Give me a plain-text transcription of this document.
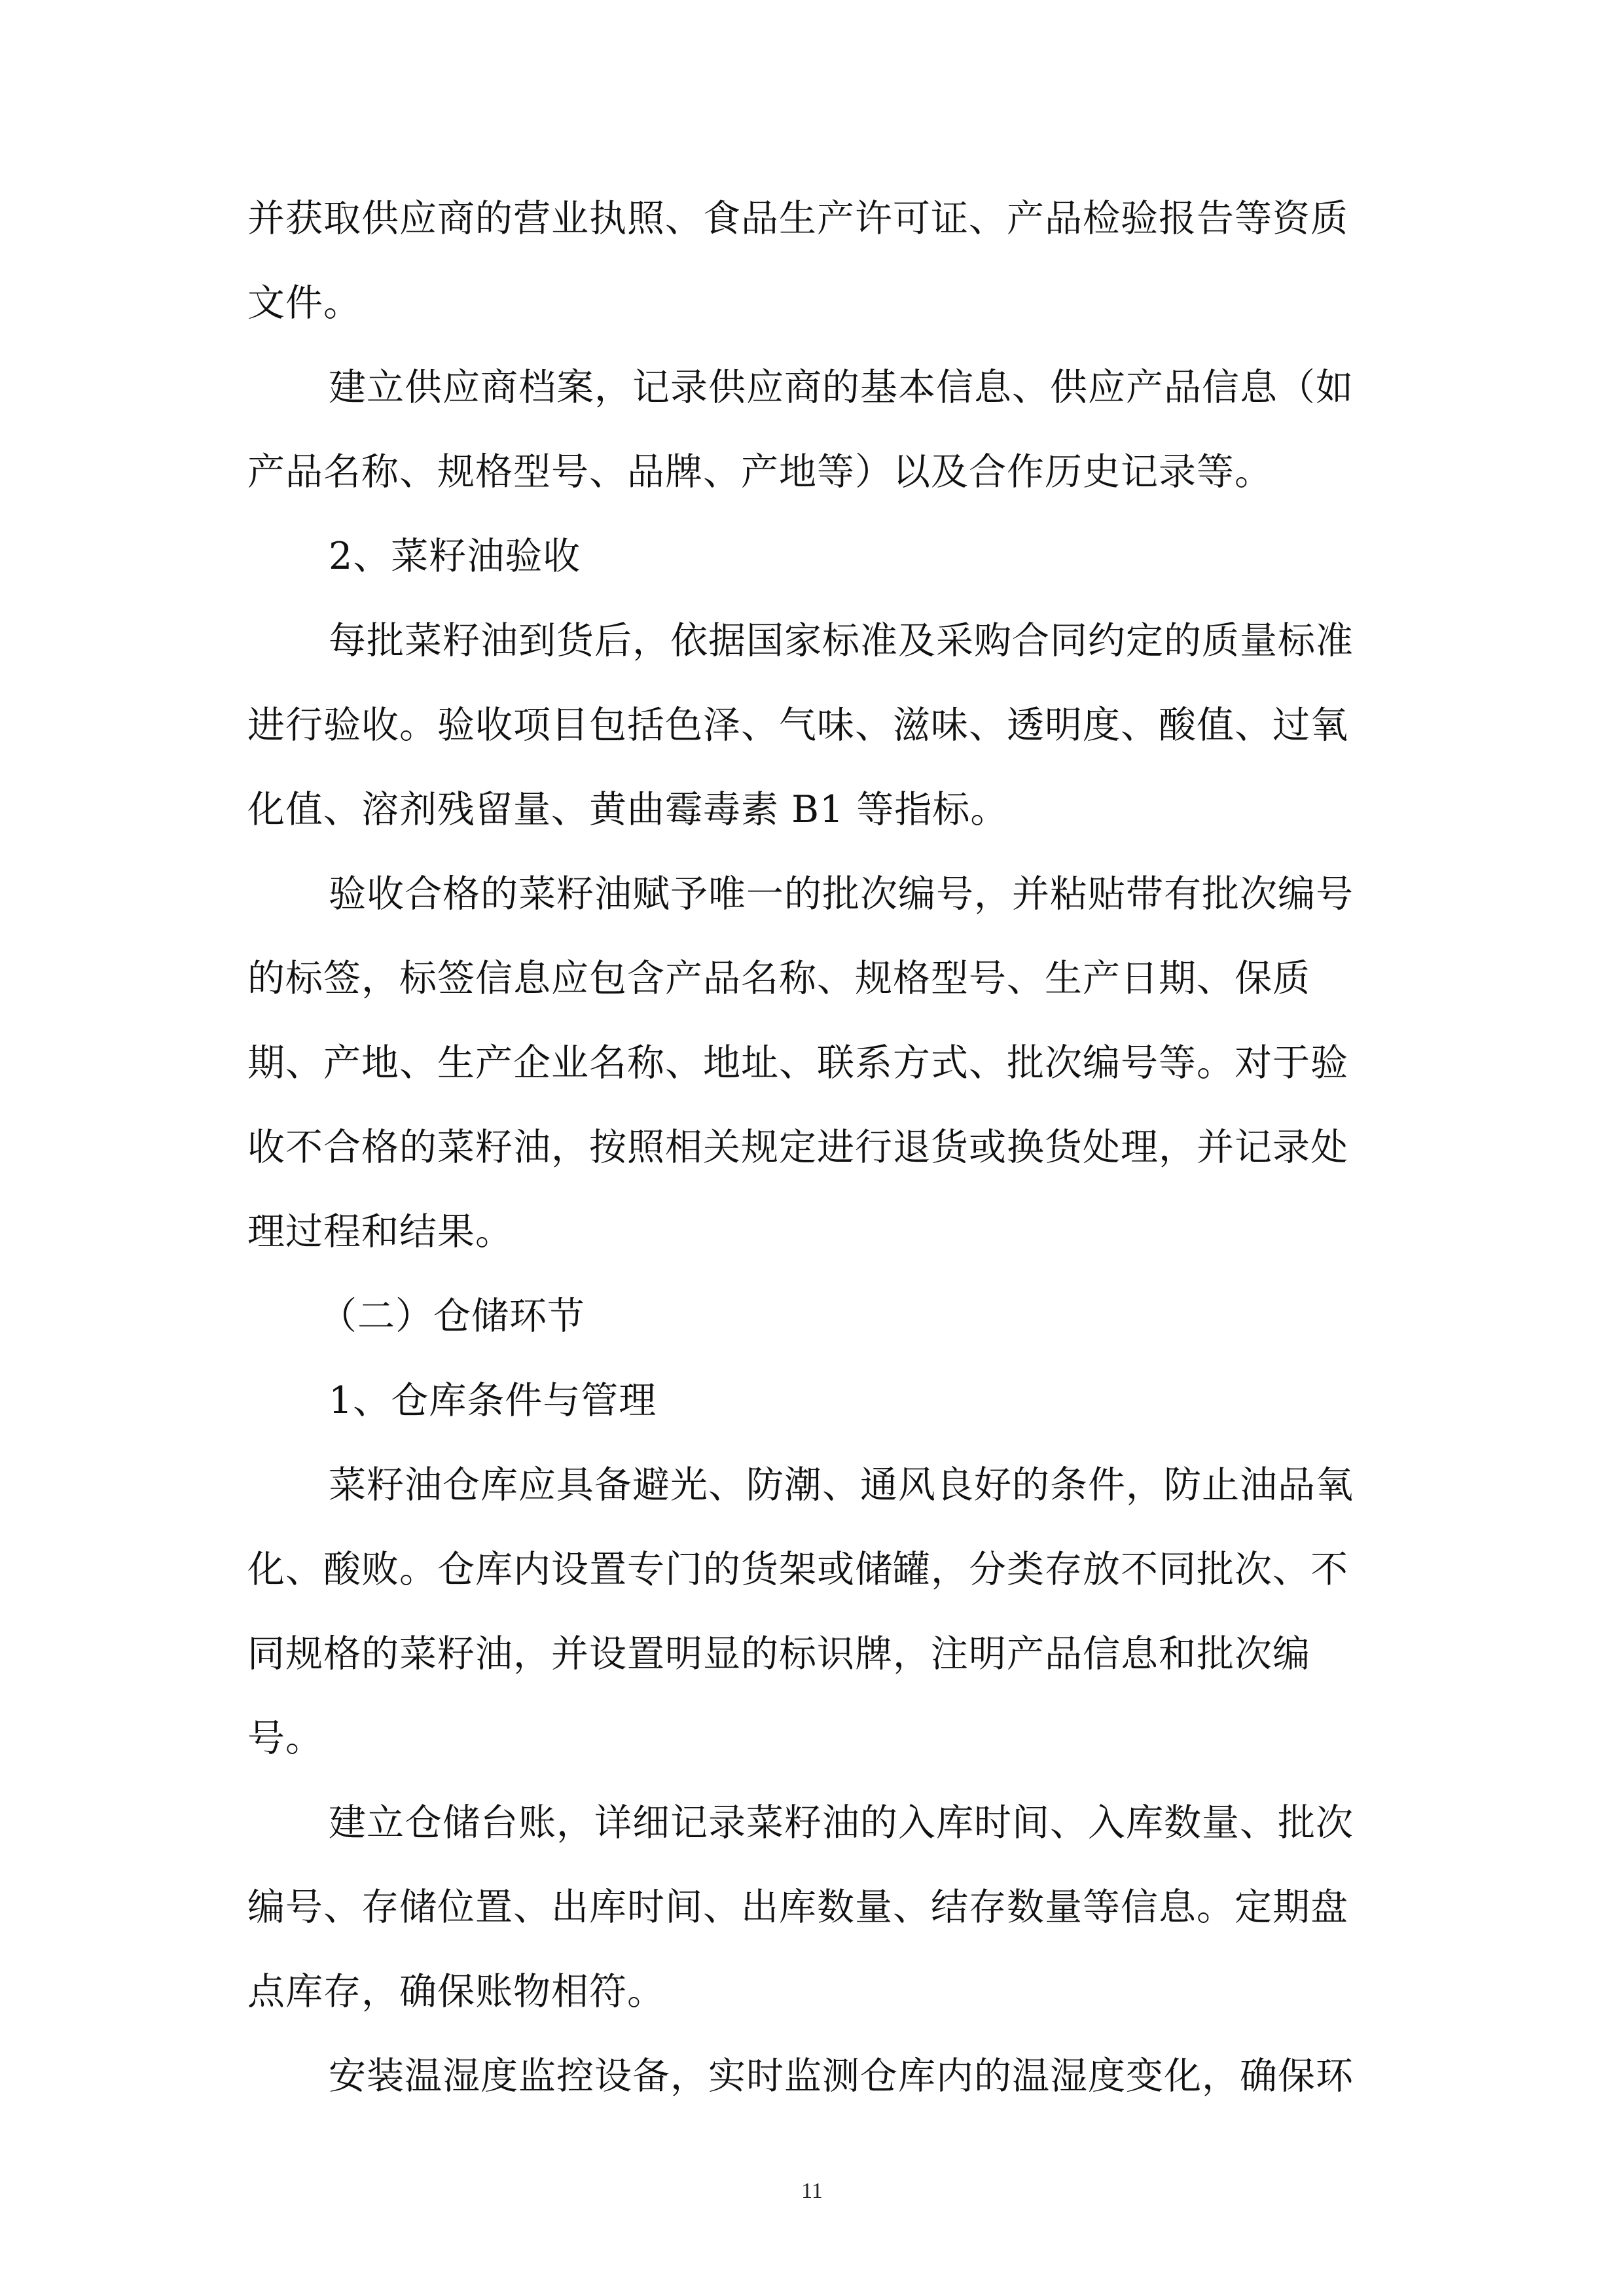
并获取供应商的营业执照、食品生产许可证、产品检验报告等资质
文件。
建立供应商档案，记录供应商的基本信息、供应产品信息（如
产品名称、规格型号、品牌、产地等）以及合作历史记录等。
2、菜籽油验收
每批菜籽油到货后，依据国家标准及采购合同约定的质量标准
进行验收。验收项目包括色泽、气味、滋味、透明度、酸值、过氧
化值、溶剂残留量、黄曲霉毒素 B1 等指标。
验收合格的菜籽油赋予唯一的批次编号，并粘贴带有批次编号
的标签，标签信息应包含产品名称、规格型号、生产日期、保质
期、产地、生产企业名称、地址、联系方式、批次编号等。对于验
收不合格的菜籽油，按照相关规定进行退货或换货处理，并记录处
理过程和结果。
（二）仓储环节
1、仓库条件与管理
菜籽油仓库应具备避光、防潮、通风良好的条件，防止油品氧
化、酸败。仓库内设置专门的货架或储罐，分类存放不同批次、不
同规格的菜籽油，并设置明显的标识牌，注明产品信息和批次编
号。
建立仓储台账，详细记录菜籽油的入库时间、入库数量、批次
编号、存储位置、出库时间、出库数量、结存数量等信息。定期盘
点库存，确保账物相符。
安装温湿度监控设备，实时监测仓库内的温湿度变化，确保环
11
